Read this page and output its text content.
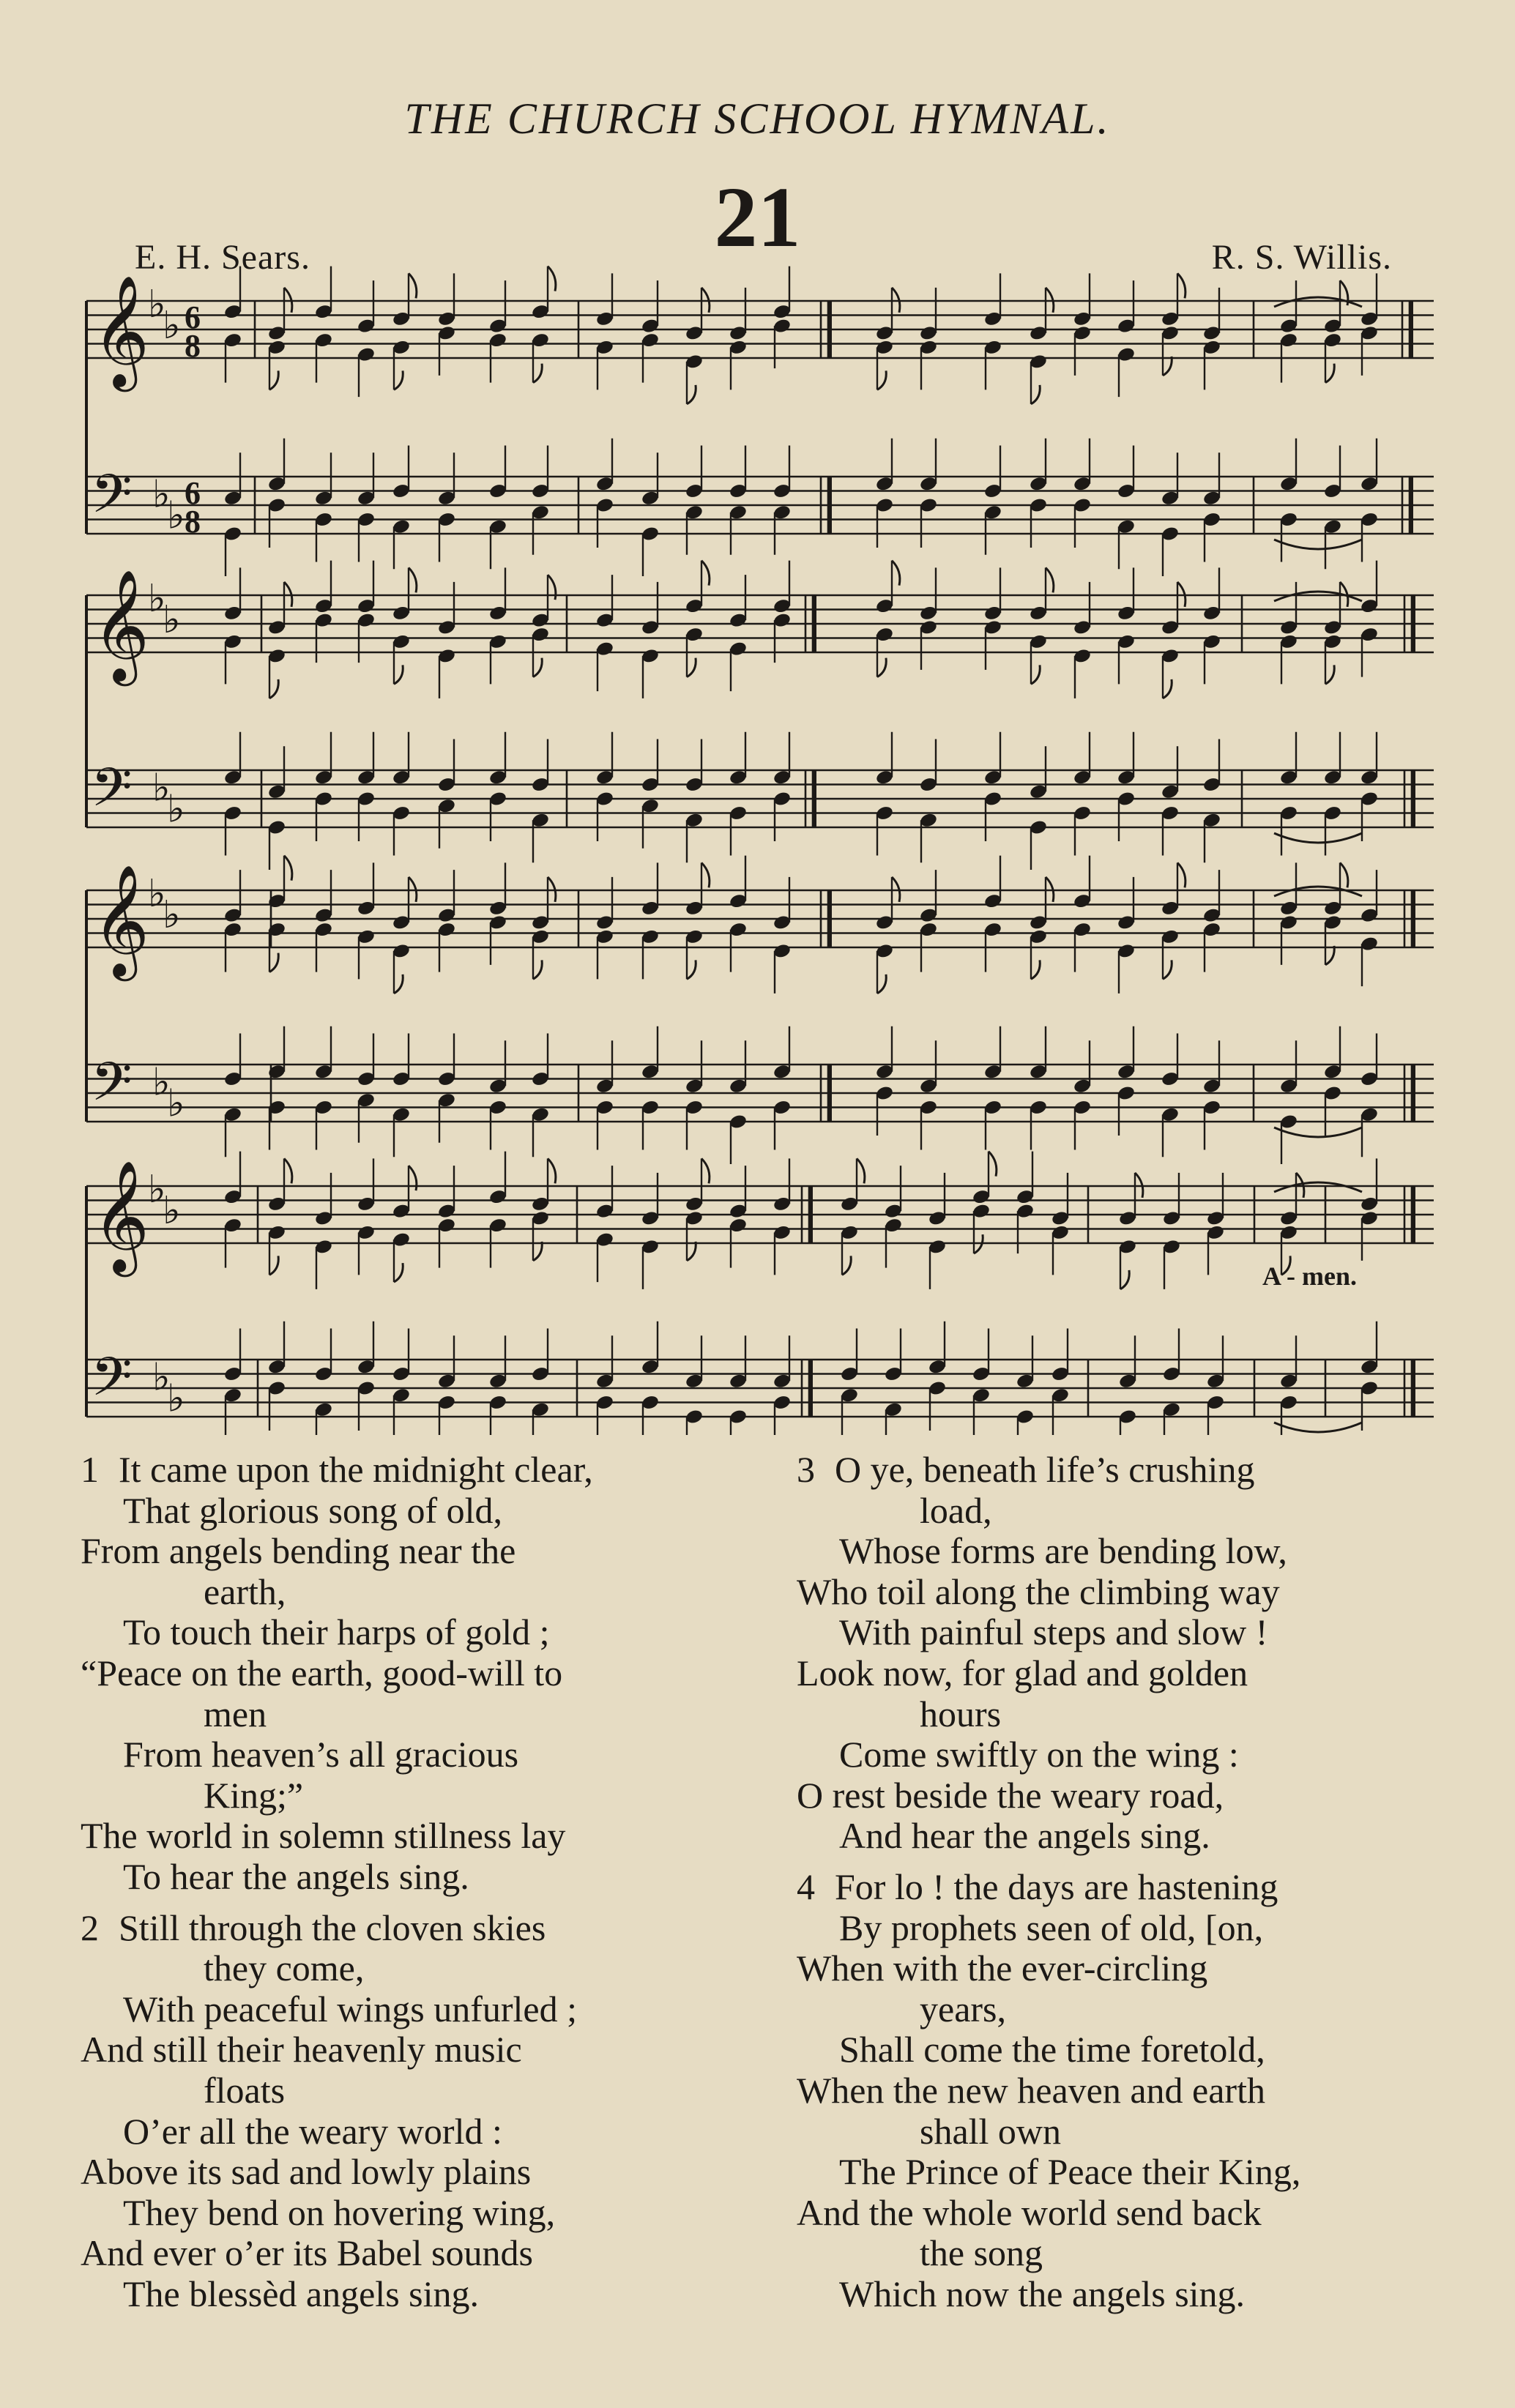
THE CHURCH SCHOOL HYMNAL.
21
E. H. Sears.	R. S. Willis.
𝄞
𝄢
♭
♭
♭
♭
6
8
6
8
𝄞
𝄢
♭
♭
♭
♭
𝄞
𝄢
♭
♭
♭
♭
𝄞
𝄢
♭
♭
♭
♭
A - men.
1 It came upon the midnight clear,
That glorious song of old,
From angels bending near the
earth,
To touch their harps of gold ;
“Peace on the earth, good-will to
men
From heaven’s all gracious
King;”
The world in solemn stillness lay
To hear the angels sing.
2 Still through the cloven skies
they come,
With peaceful wings unfurled ;
And still their heavenly music
floats
O’er all the weary world :
Above its sad and lowly plains
They bend on hovering wing,
And ever o’er its Babel sounds
The blessèd angels sing.
3 O ye, beneath life’s crushing
load,
Whose forms are bending low,
Who toil along the climbing way
With painful steps and slow !
Look now, for glad and golden
hours
Come swiftly on the wing :
O rest beside the weary road,
And hear the angels sing.
4 For lo ! the days are hastening
By prophets seen of old, [on,
When with the ever-circling
years,
Shall come the time foretold,
When the new heaven and earth
shall own
The Prince of Peace their King,
And the whole world send back
the song
Which now the angels sing.
